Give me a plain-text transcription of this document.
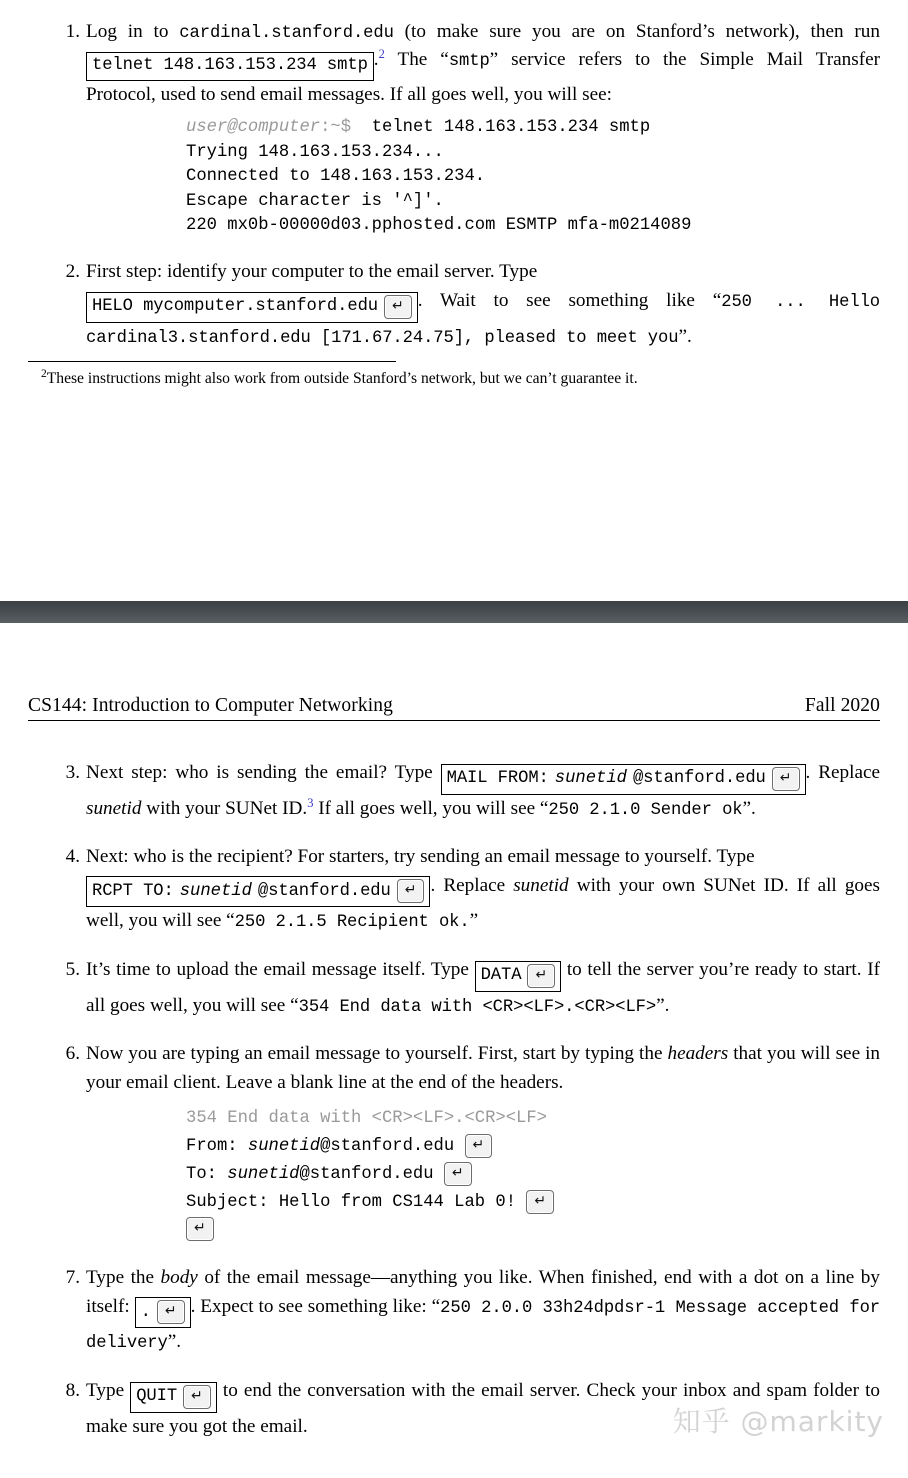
1. Log in to cardinal.stanford.edu (to make sure you are on Stanford’s network), then run
telnet 148.163.153.234 smtp .$^2$ The “smtp” service refers to the Simple Mail Transfer Protocol, used to send email messages. If all goes well, you will see:
user@computer:~$ telnet 148.163.153.234 smtp
Trying 148.163.153.234...
Connected to 148.163.153.234.
Escape character is '^]'.
220 mx0b-00000d03.pphosted.com ESMTP mfa-m0214089
2. First step: identify your computer to the email server. Type

HELO mycomputer.stanford.edu	↵ . Wait to see something like “250 ... Hello cardinal3.stanford.edu [171.67.24.75], pleased to meet you”.
$^2$These instructions might also work from outside Stanford’s network, but we can’t guarantee it.
CS144: Introduction to Computer Networking	Fall 2020
3. Next step: who is sending the email? Type MAIL FROM: sunetid @stanford.edu	↵ . Replace sunetid with your SUNet ID.$^3$ If all goes well, you will see “250 2.1.0 Sender ok”.
4. Next: who is the recipient? For starters, try sending an email message to yourself. Type

RCPT TO: sunetid @stanford.edu	↵ . Replace sunetid with your own SUNet ID. If all goes well, you will see “250 2.1.5 Recipient ok.”
5. It’s time to upload the email message itself. Type DATA	↵ to tell the server you’re ready to start. If all goes well, you will see “354 End data with <CR><LF>.<CR><LF>”.
6. Now you are typing an email message to yourself. First, start by typing the headers that you will see in your email client. Leave a blank line at the end of the headers.
354 End data with <CR><LF>.<CR><LF>
From: sunetid@stanford.edu ↵
To: sunetid@stanford.edu ↵
Subject: Hello from CS144 Lab 0! ↵
↵
7. Type the body of the email message—anything you like. When finished, end with a dot on a line by itself: .	↵ . Expect to see something like: “250 2.0.0 33h24dpdsr-1 Message accepted for delivery”.
8. Type QUIT	↵ to end the conversation with the email server. Check your inbox and spam folder to make sure you got the email.	知乎 @markity
